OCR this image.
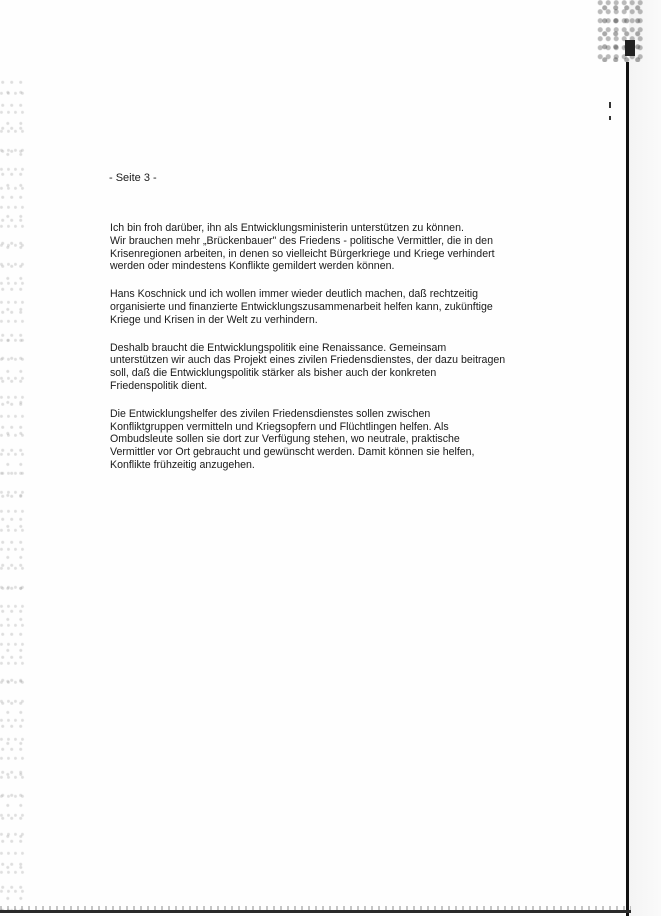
- Seite 3 -

Ich bin froh darüber, ihn als Entwicklungsministerin unterstützen zu können.
Wir brauchen mehr „Brückenbauer" des Friedens - politische Vermittler, die in den
Krisenregionen arbeiten, in denen so vielleicht Bürgerkriege und Kriege verhindert
werden oder mindestens Konflikte gemildert werden können.

Hans Koschnick und ich wollen immer wieder deutlich machen, daß rechtzeitig
organisierte und finanzierte Entwicklungszusammenarbeit helfen kann, zukünftige
Kriege und Krisen in der Welt zu verhindern.

Deshalb braucht die Entwicklungspolitik eine Renaissance. Gemeinsam
unterstützen wir auch das Projekt eines zivilen Friedensdienstes, der dazu beitragen
soll, daß die Entwicklungspolitik stärker als bisher auch der konkreten
Friedenspolitik dient.

Die Entwicklungshelfer des zivilen Friedensdienstes sollen zwischen
Konfliktgruppen vermitteln und Kriegsopfern und Flüchtlingen helfen. Als
Ombudsleute sollen sie dort zur Verfügung stehen, wo neutrale, praktische
Vermittler vor Ort gebraucht und gewünscht werden. Damit können sie helfen,
Konflikte frühzeitig anzugehen.
